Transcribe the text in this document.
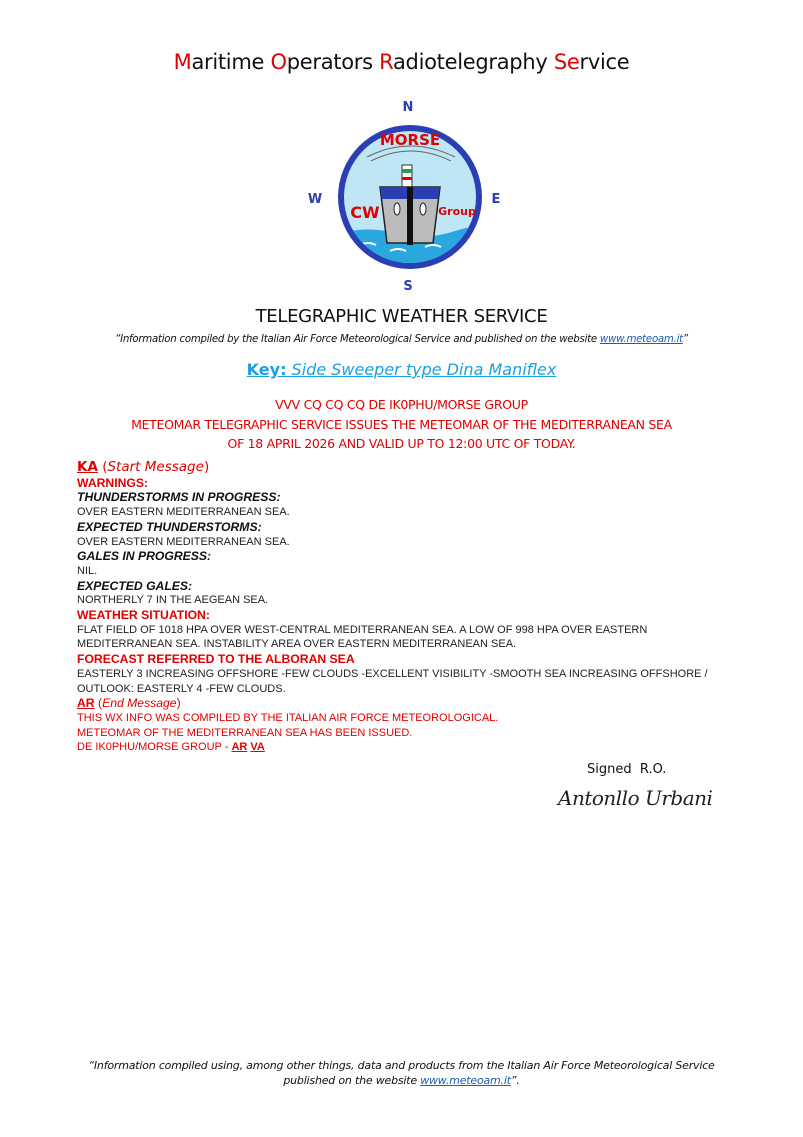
Maritime Operators Radiotelegraphy Service
MORSE
CW	Group
N
S
W	E
TELEGRAPHIC WEATHER SERVICE
“Information compiled by the Italian Air Force Meteorological Service and published on the website www.meteoam.it”
Key: Side Sweeper type Dina Maniflex
VVV CQ CQ CQ DE IK0PHU/MORSE GROUP
METEOMAR TELEGRAPHIC SERVICE ISSUES THE METEOMAR OF THE MEDITERRANEAN SEA
OF 18 APRIL 2026 AND VALID UP TO 12:00 UTC OF TODAY.
KA (Start Message)
WARNINGS:
THUNDERSTORMS IN PROGRESS:
OVER EASTERN MEDITERRANEAN SEA.
EXPECTED THUNDERSTORMS:
OVER EASTERN MEDITERRANEAN SEA.
GALES IN PROGRESS:
NIL.
EXPECTED GALES:
NORTHERLY 7 IN THE AEGEAN SEA.
WEATHER SITUATION:
FLAT FIELD OF 1018 HPA OVER WEST-CENTRAL MEDITERRANEAN SEA. A LOW OF 998 HPA OVER EASTERN MEDITERRANEAN SEA. INSTABILITY AREA OVER EASTERN MEDITERRANEAN SEA.
FORECAST REFERRED TO THE ALBORAN SEA
EASTERLY 3 INCREASING OFFSHORE -FEW CLOUDS -EXCELLENT VISIBILITY -SMOOTH SEA INCREASING OFFSHORE / OUTLOOK: EASTERLY 4 -FEW CLOUDS.
AR (End Message)
THIS WX INFO WAS COMPILED BY THE ITALIAN AIR FORCE METEOROLOGICAL.
METEOMAR OF THE MEDITERRANEAN SEA HAS BEEN ISSUED.
DE IK0PHU/MORSE GROUP - AR VA
Signed  R.O.
Antonllo Urbani
“Information compiled using, among other things, data and products from the Italian Air Force Meteorological Service
published on the website www.meteoam.it”.
